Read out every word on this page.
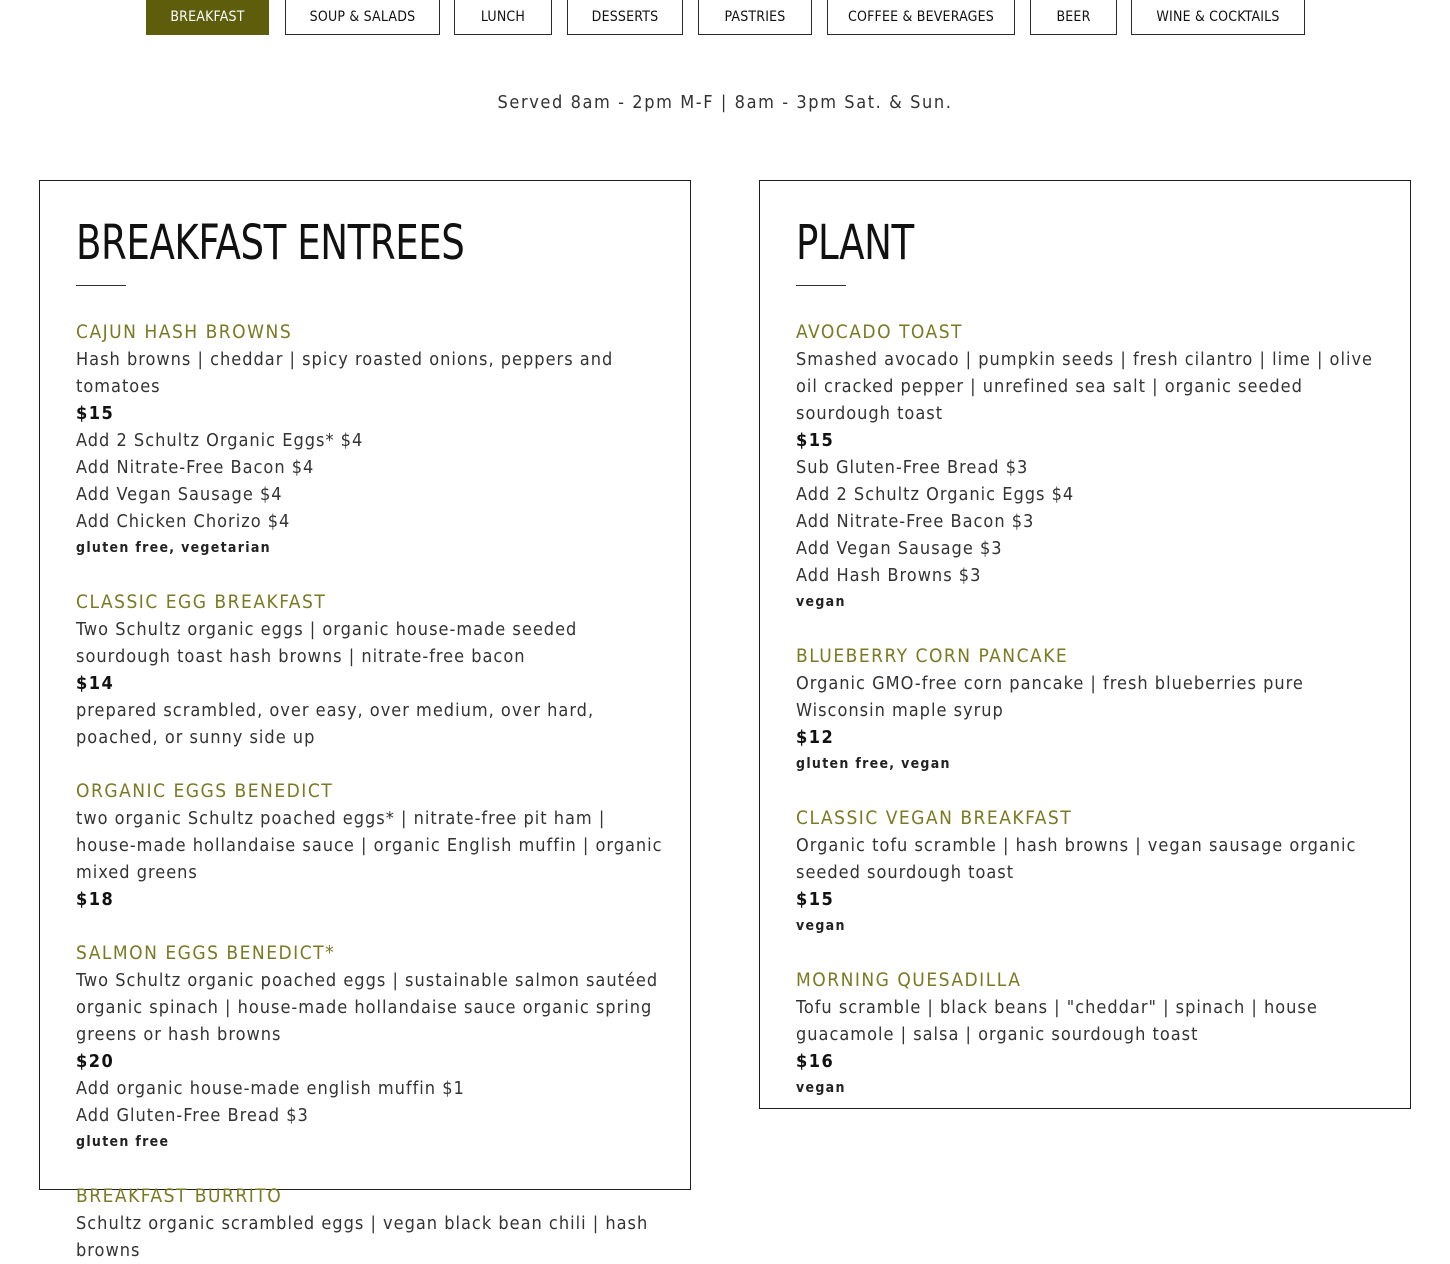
BREAKFAST	SOUP & SALADS	LUNCH	DESSERTS	PASTRIES	COFFEE & BEVERAGES	BEER	WINE & COCKTAILS
Served 8am - 2pm M-F | 8am - 3pm Sat. & Sun.
BREAKFAST ENTREES
CAJUN HASH BROWNS
Hash browns | cheddar | spicy roasted onions, peppers and tomatoes
$15
Add 2 Schultz Organic Eggs* $4
Add Nitrate-Free Bacon $4
Add Vegan Sausage $4
Add Chicken Chorizo $4
gluten free, vegetarian
CLASSIC EGG BREAKFAST
Two Schultz organic eggs | organic house-made seeded sourdough toast hash browns | nitrate-free bacon
$14
prepared scrambled, over easy, over medium, over hard, poached, or sunny side up
ORGANIC EGGS BENEDICT
two organic Schultz poached eggs* | nitrate-free pit ham | house-made hollandaise sauce | organic English muffin | organic mixed greens
$18
SALMON EGGS BENEDICT*
Two Schultz organic poached eggs | sustainable salmon sautéed organic spinach | house-made hollandaise sauce organic spring greens or hash browns
$20
Add organic house-made english muffin $1
Add Gluten-Free Bread $3
gluten free
BREAKFAST BURRITO
Schultz organic scrambled eggs | vegan black bean chili | hash browns
PLANT
AVOCADO TOAST
Smashed avocado | pumpkin seeds | fresh cilantro | lime | olive oil cracked pepper | unrefined sea salt | organic seeded sourdough toast
$15
Sub Gluten-Free Bread $3
Add 2 Schultz Organic Eggs $4
Add Nitrate-Free Bacon $3
Add Vegan Sausage $3
Add Hash Browns $3
vegan
BLUEBERRY CORN PANCAKE
Organic GMO-free corn pancake | fresh blueberries pure Wisconsin maple syrup
$12
gluten free, vegan
CLASSIC VEGAN BREAKFAST
Organic tofu scramble | hash browns | vegan sausage organic seeded sourdough toast
$15
vegan
MORNING QUESADILLA
Tofu scramble | black beans | "cheddar" | spinach | house guacamole | salsa | organic sourdough toast
$16
vegan
